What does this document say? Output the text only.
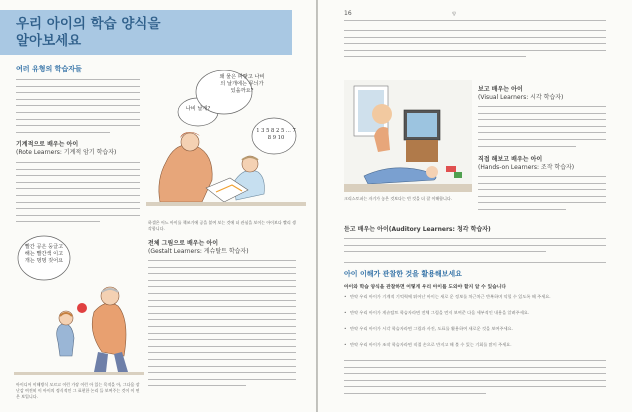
우리 아이의 학습 양식을
알아보세요
여러 유형의 학습자들
기계적으로 배우는 아이
(Rote Learners: 기계적 암기 학습자)
왜 물은 파랗고 나비의 날개에는 무늬가 있을까요?
나비 날개?
1 3 5 8 2 5 ... 7 8 9 10
하셀은 어느 아이를 책쓰기에 공을 붙여 보는 것에 더 관심을 보이는 아이보다 빨리 생각합니다.
전체 그림으로 배우는 아이
(Gestalt Learners: 게슈탈트 학습자)
빨간 공은 둥글고 해는 빨간색 이고 개는 멍멍 짖어요
아이디어 이해방식 모르고 이런 가장 이런 아 있는 목적을 아, 그다음 장난감 여전히 이 아이의 정식적인 그 표현한 논리 들 보여주는 것이 이 연은 보입니다.
16	양
크리스토퍼는 자기가 놓은 것보다는 빈 것을 더 잘 이해합니다.
보고 배우는 아이
(Visual Learners: 시각 학습자)
직접 해보고 배우는 아이
(Hands-on Learners: 조작 학습자)
듣고 배우는 아이(Auditory Learners: 청각 학습자)
아이 이해가 관찰한 것을 활용해보세요
아이와 학습 양식을 관찰하면 어떻게 우리 아이를 도와야 할지 알 수 있습니다
• 만약 우리 아이가 기계적 기억력에 뛰어난 아이는 새로 운 정보를 차근차근 반복하며 익힐 수 있도록 해 주세요.
• 만약 우리 아이가 게슈탈트 학습자라면 전체 그림을 먼저 보여준 다음 세부적인 내용을 알려주세요.
• 만약 우리 아이가 시각 학습자라면 그림과 사진, 도표를 활용하여 새로운 것을 보여주세요.
• 만약 우리 아이가 조작 학습자라면 직접 손으로 만지고 해 볼 수 있는 기회를 많이 주세요.
